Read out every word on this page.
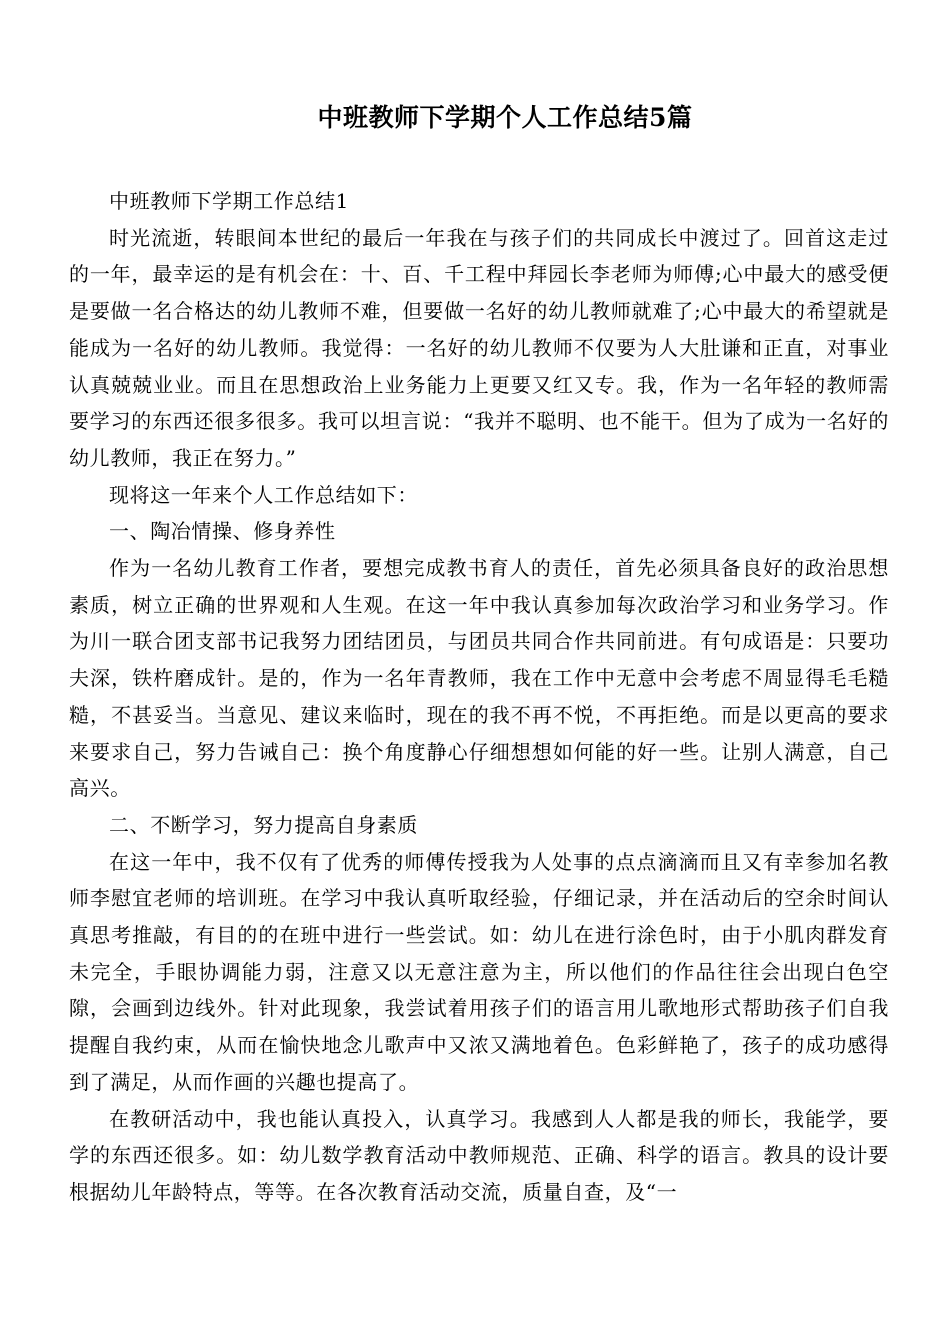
中班教师下学期个人工作总结5篇

中班教师下学期工作总结1

时光流逝，转眼间本世纪的最后一年我在与孩子们的共同成长中渡过了。回首这走过的一年，最幸运的是有机会在：十、百、千工程中拜园长李老师为师傅;心中最大的感受便是要做一名合格达的幼儿教师不难，但要做一名好的幼儿教师就难了;心中最大的希望就是能成为一名好的幼儿教师。我觉得：一名好的幼儿教师不仅要为人大肚谦和正直，对事业认真兢兢业业。而且在思想政治上业务能力上更要又红又专。我，作为一名年轻的教师需要学习的东西还很多很多。我可以坦言说：“我并不聪明、也不能干。但为了成为一名好的幼儿教师，我正在努力。”

现将这一年来个人工作总结如下：

一、陶冶情操、修身养性

作为一名幼儿教育工作者，要想完成教书育人的责任，首先必须具备良好的政治思想素质，树立正确的世界观和人生观。在这一年中我认真参加每次政治学习和业务学习。作为川一联合团支部书记我努力团结团员，与团员共同合作共同前进。有句成语是：只要功夫深，铁杵磨成针。是的，作为一名年青教师，我在工作中无意中会考虑不周显得毛毛糙糙，不甚妥当。当意见、建议来临时，现在的我不再不悦，不再拒绝。而是以更高的要求来要求自己，努力告诫自己：换个角度静心仔细想想如何能的好一些。让别人满意，自己高兴。

二、不断学习，努力提高自身素质

在这一年中，我不仅有了优秀的师傅传授我为人处事的点点滴滴而且又有幸参加名教师李慰宜老师的培训班。在学习中我认真听取经验，仔细记录，并在活动后的空余时间认真思考推敲，有目的的在班中进行一些尝试。如：幼儿在进行涂色时，由于小肌肉群发育未完全，手眼协调能力弱，注意又以无意注意为主，所以他们的作品往往会出现白色空隙，会画到边线外。针对此现象，我尝试着用孩子们的语言用儿歌地形式帮助孩子们自我提醒自我约束，从而在愉快地念儿歌声中又浓又满地着色。色彩鲜艳了，孩子的成功感得到了满足，从而作画的兴趣也提高了。

在教研活动中，我也能认真投入，认真学习。我感到人人都是我的师长，我能学，要学的东西还很多。如：幼儿数学教育活动中教师规范、正确、科学的语言。教具的设计要根据幼儿年龄特点，等等。在各次教育活动交流，质量自查，及“一
